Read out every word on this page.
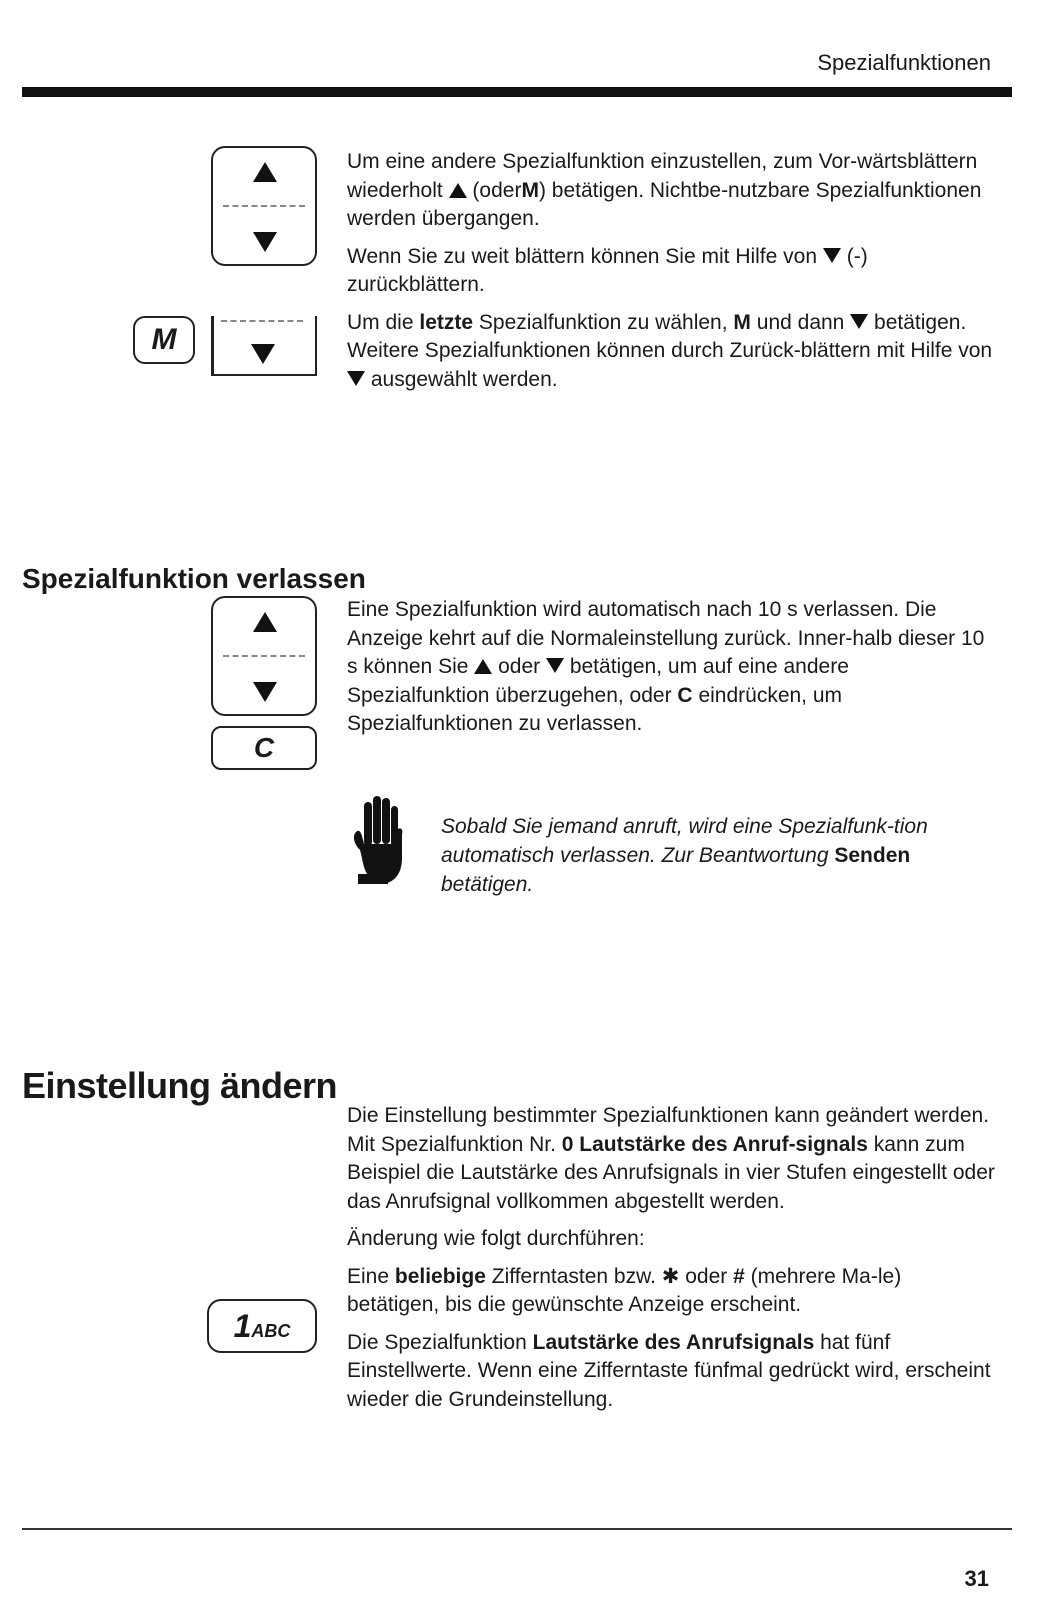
Spezialfunktionen
M

Um eine andere Spezialfunktion einzustellen, zum Vor-wärtsblättern wiederholt (oderM) betätigen. Nichtbe-nutzbare Spezialfunktionen werden übergangen.

Wenn Sie zu weit blättern können Sie mit Hilfe von (-) zurückblättern.

Um die letzte Spezialfunktion zu wählen, M und dann betätigen. Weitere Spezialfunktionen können durch Zurück-blättern mit Hilfe von  ausgewählt werden.

Spezialfunktion verlassen
C

Eine Spezialfunktion wird automatisch nach 10 s verlassen. Die Anzeige kehrt auf die Normaleinstellung zurück. Inner-halb dieser 10 s können Sie oder betätigen, um auf eine andere Spezialfunktion überzugehen, oder C eindrücken, um Spezialfunktionen zu verlassen.

Sobald Sie jemand anruft, wird eine Spezialfunk-tion automatisch verlassen. Zur Beantwortung Senden betätigen.
Einstellung ändern

Die Einstellung bestimmter Spezialfunktionen kann geändert werden. Mit Spezialfunktion Nr. 0 Lautstärke des Anruf-signals kann zum Beispiel die Lautstärke des Anrufsignals in vier Stufen eingestellt oder das Anrufsignal vollkommen abgestellt werden.

Änderung wie folgt durchführen:

Eine beliebige Zifferntasten bzw. ✱ oder # (mehrere Ma-le) betätigen, bis die gewünschte Anzeige erscheint.

Die Spezialfunktion Lautstärke des Anrufsignals hat fünf Einstellwerte. Wenn eine Zifferntaste fünfmal gedrückt wird, erscheint wieder die Grundeinstellung.

1ABC
31
